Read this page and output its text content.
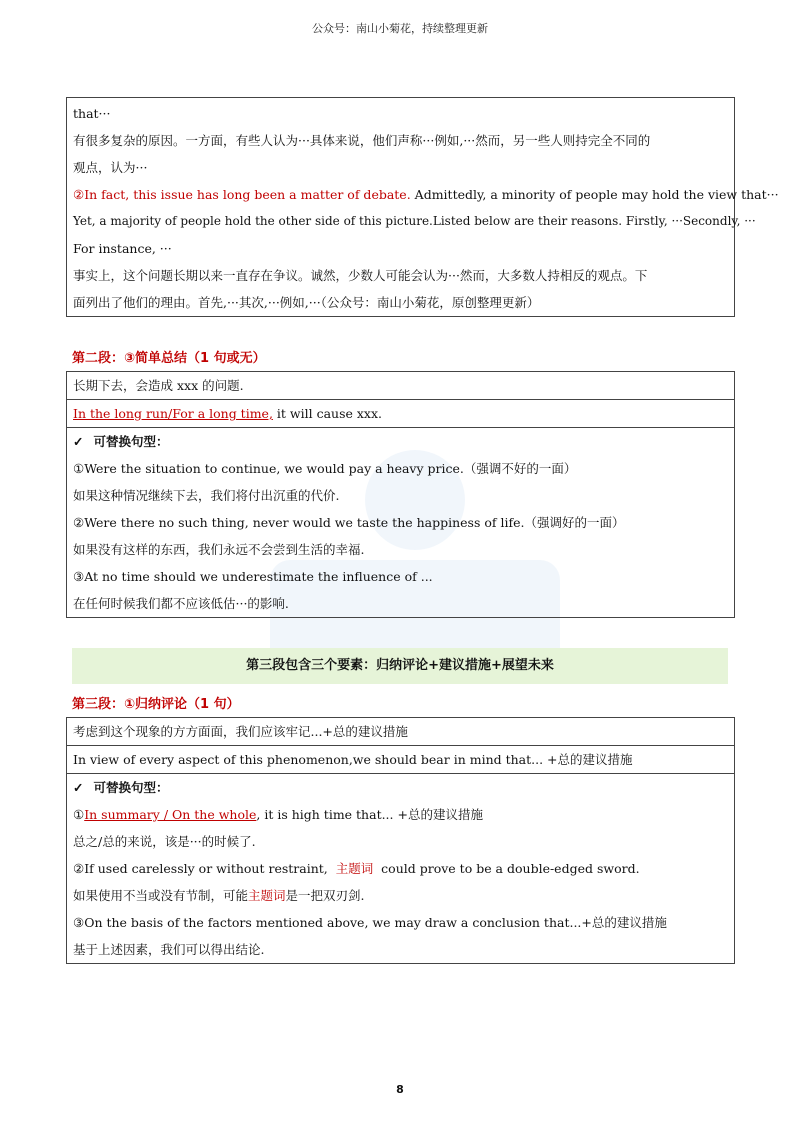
公众号：南山小菊花，持续整理更新
that···
有很多复杂的原因。一方面，有些人认为···具体来说，他们声称···例如,···然而，另一些人则持完全不同的
观点，认为···
②In fact, this issue has long been a matter of debate. Admittedly, a minority of people may hold the view that···
Yet, a majority of people hold the other side of this picture.Listed below are their reasons. Firstly, ···Secondly, ···
For instance, ···
事实上，这个问题长期以来一直存在争议。诚然，少数人可能会认为···然而，大多数人持相反的观点。下
面列出了他们的理由。首先,···其次,···例如,···（公众号：南山小菊花，原创整理更新）
第二段：③简单总结（1 句或无）
长期下去，会造成 xxx 的问题.
In the long run/For a long time, it will cause xxx.
✓ 可替换句型：
①Were the situation to continue, we would pay a heavy price.（强调不好的一面）
如果这种情况继续下去，我们将付出沉重的代价.
②Were there no such thing, never would we taste the happiness of life.（强调好的一面）
如果没有这样的东西，我们永远不会尝到生活的幸福.
③At no time should we underestimate the influence of ...
在任何时候我们都不应该低估···的影响.
第三段包含三个要素：归纳评论+建议措施+展望未来
第三段：①归纳评论（1 句）
考虑到这个现象的方方面面，我们应该牢记...+总的建议措施
In view of every aspect of this phenomenon,we should bear in mind that... +总的建议措施
✓ 可替换句型：
①In summary / On the whole, it is high time that... +总的建议措施
总之/总的来说，该是···的时候了.
②If used carelessly or without restraint,  主题词  could prove to be a double-edged sword.
如果使用不当或没有节制，可能主题词是一把双刃剑.
③On the basis of the factors mentioned above, we may draw a conclusion that...+总的建议措施
基于上述因素，我们可以得出结论.
8
